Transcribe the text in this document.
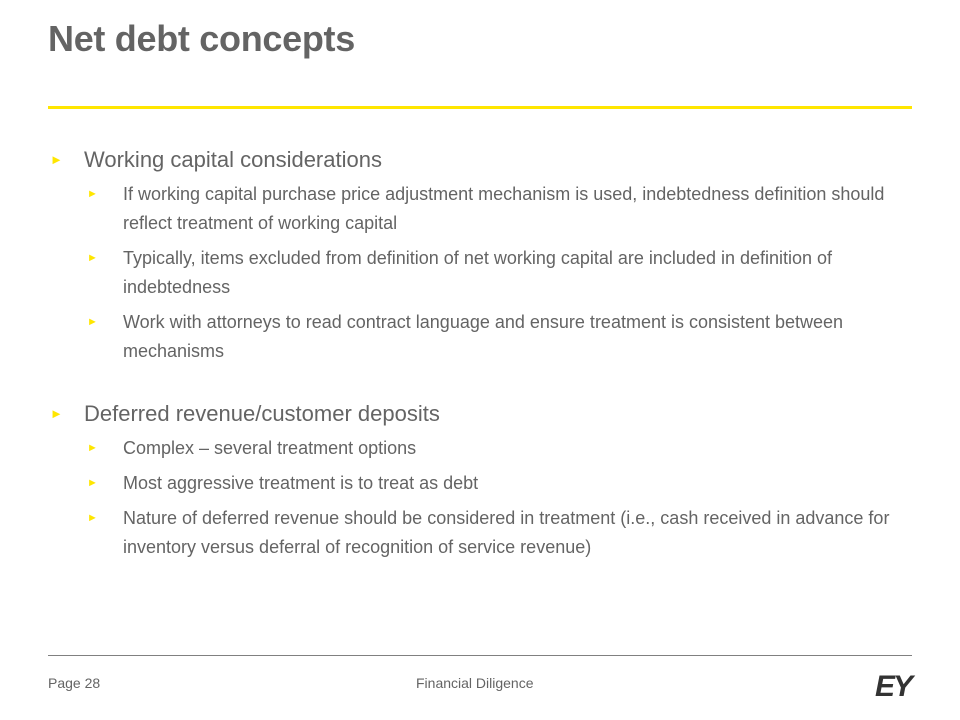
Net debt concepts
► Working capital considerations
► If working capital purchase price adjustment mechanism is used, indebtedness definition should reflect treatment of working capital
► Typically, items excluded from definition of net working capital are included in definition of indebtedness
► Work with attorneys to read contract language and ensure treatment is consistent between mechanisms
► Deferred revenue/customer deposits
► Complex – several treatment options
► Most aggressive treatment is to treat as debt
► Nature of deferred revenue should be considered in treatment (i.e., cash received in advance for inventory versus deferral of recognition of service revenue)
Page 28	Financial Diligence	EY
